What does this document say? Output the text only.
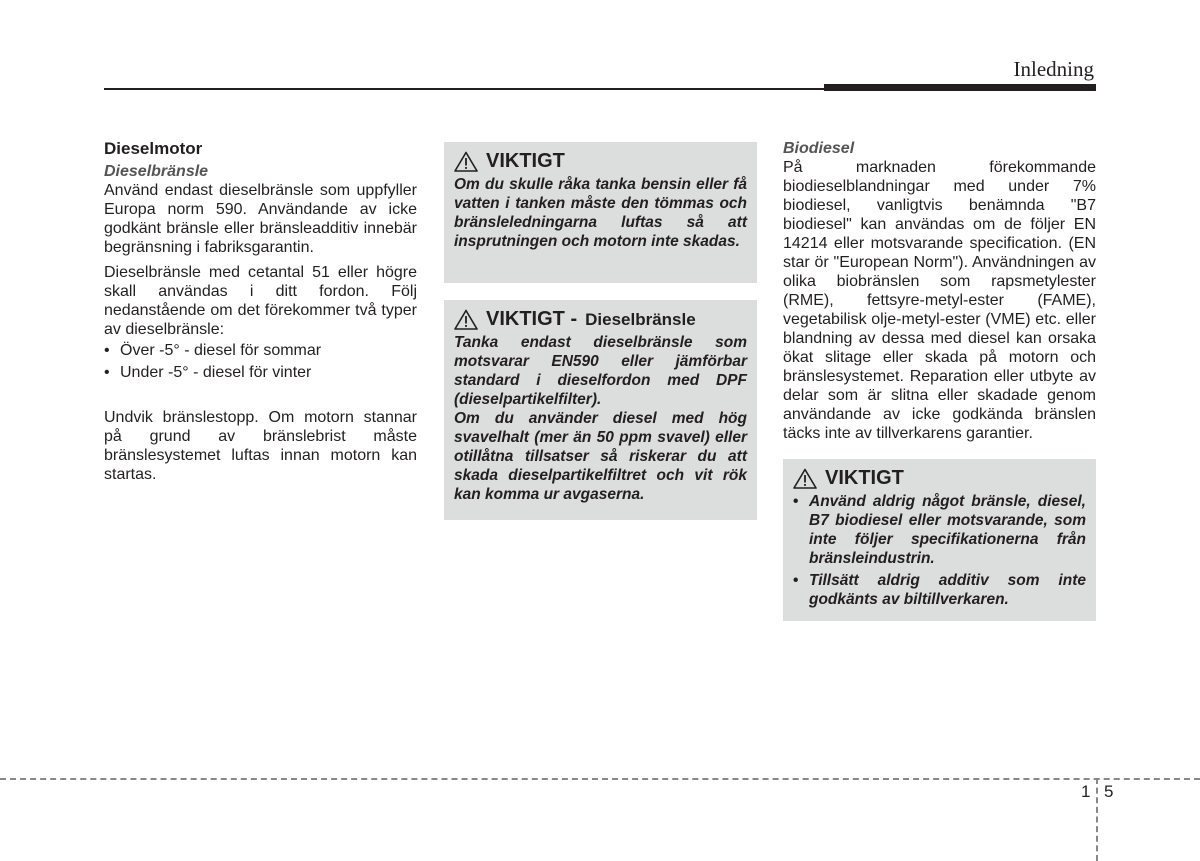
Inledning
Dieselmotor
Dieselbränsle

Använd endast dieselbränsle som uppfyller Europa norm 590. Användande av icke godkänt bränsle eller bränsleadditiv innebär begränsning i fabriksgarantin.

Dieselbränsle med cetantal 51 eller högre skall användas i ditt fordon. Följ nedanstående om det förekommer två typer av dieselbränsle:

• Över -5° - diesel för sommar
• Under -5° - diesel för vinter

Undvik bränslestopp. Om motorn stannar på grund av bränslebrist måste bränslesystemet luftas innan motorn kan startas.

VIKTIGT

Om du skulle råka tanka bensin eller få vatten i tanken måste den tömmas och bränsleledningarna luftas så att insprutningen och motorn inte skadas.

VIKTIGT - Dieselbränsle

Tanka endast dieselbränsle som motsvarar EN590 eller jämförbar standard i dieselfordon med DPF (dieselpartikelfilter).

Om du använder diesel med hög svavelhalt (mer än 50 ppm svavel) eller otillåtna tillsatser så riskerar du att skada dieselpartikelfiltret och vit rök kan komma ur avgaserna.

Biodiesel

På marknaden förekommande biodieselblandningar med under 7% biodiesel, vanligtvis benämnda "B7 biodiesel" kan användas om de följer EN 14214 eller motsvarande specification. (EN star ör "European Norm"). Användningen av olika biobränslen som rapsmetylester (RME), fettsyre-metyl-ester (FAME), vegetabilisk olje-metyl-ester (VME) etc. eller blandning av dessa med diesel kan orsaka ökat slitage eller skada på motorn och bränslesystemet. Reparation eller utbyte av delar som är slitna eller skadade genom användande av icke godkända bränslen täcks inte av tillverkarens garantier.

VIKTIGT
• Använd aldrig något bränsle, diesel, B7 biodiesel eller motsvarande, som inte följer specifikationerna från bränsleindustrin.
• Tillsätt aldrig additiv som inte godkänts av biltillverkaren.
1 5
